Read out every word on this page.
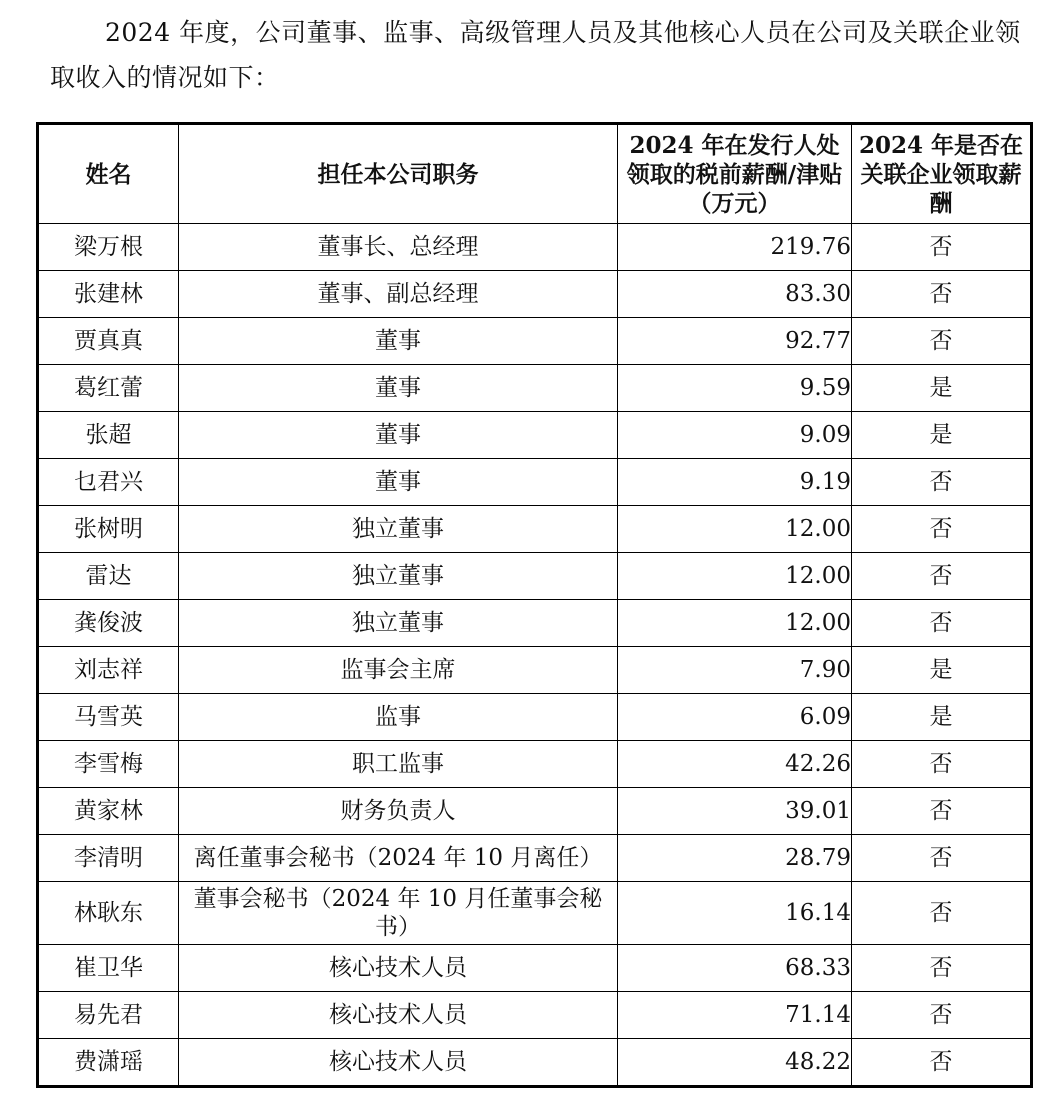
2024 年度，公司董事、监事、高级管理人员及其他核心人员在公司及关联企业领取收入的情况如下：

姓名	担任本公司职务	2024 年在发行人处领取的税前薪酬/津贴（万元）	2024 年是否在关联企业领取薪酬
梁万根	董事长、总经理	219.76	否
张建林	董事、副总经理	83.30	否
贾真真	董事	92.77	否
葛红蕾	董事	9.59	是
张超	董事	9.09	是
乜君兴	董事	9.19	否
张树明	独立董事	12.00	否
雷达	独立董事	12.00	否
龚俊波	独立董事	12.00	否
刘志祥	监事会主席	7.90	是
马雪英	监事	6.09	是
李雪梅	职工监事	42.26	否
黄家林	财务负责人	39.01	否
李清明	离任董事会秘书（2024 年 10 月离任）	28.79	否
林耿东	董事会秘书（2024 年 10 月任董事会秘书）	16.14	否
崔卫华	核心技术人员	68.33	否
易先君	核心技术人员	71.14	否
费潇瑶	核心技术人员	48.22	否
